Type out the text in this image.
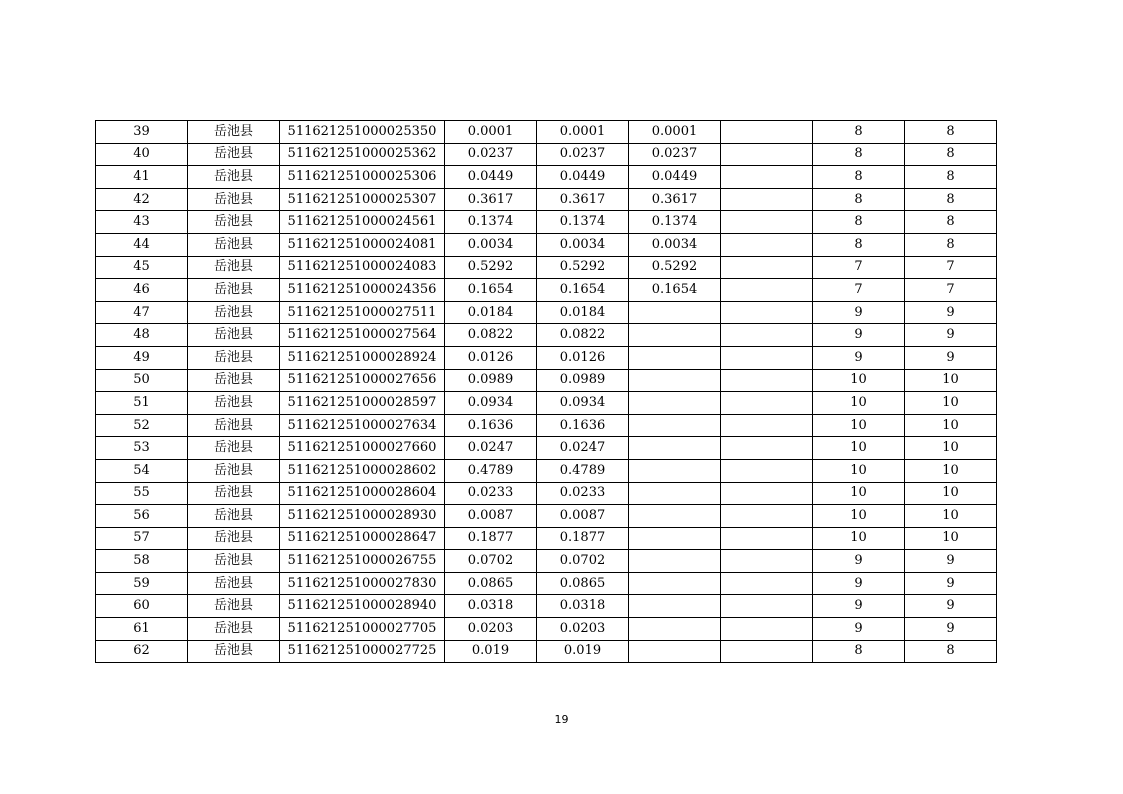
39	岳池县	511621251000025350	0.0001	0.0001	0.0001		8	8
40	岳池县	511621251000025362	0.0237	0.0237	0.0237		8	8
41	岳池县	511621251000025306	0.0449	0.0449	0.0449		8	8
42	岳池县	511621251000025307	0.3617	0.3617	0.3617		8	8
43	岳池县	511621251000024561	0.1374	0.1374	0.1374		8	8
44	岳池县	511621251000024081	0.0034	0.0034	0.0034		8	8
45	岳池县	511621251000024083	0.5292	0.5292	0.5292		7	7
46	岳池县	511621251000024356	0.1654	0.1654	0.1654		7	7
47	岳池县	511621251000027511	0.0184	0.0184			9	9
48	岳池县	511621251000027564	0.0822	0.0822			9	9
49	岳池县	511621251000028924	0.0126	0.0126			9	9
50	岳池县	511621251000027656	0.0989	0.0989			10	10
51	岳池县	511621251000028597	0.0934	0.0934			10	10
52	岳池县	511621251000027634	0.1636	0.1636			10	10
53	岳池县	511621251000027660	0.0247	0.0247			10	10
54	岳池县	511621251000028602	0.4789	0.4789			10	10
55	岳池县	511621251000028604	0.0233	0.0233			10	10
56	岳池县	511621251000028930	0.0087	0.0087			10	10
57	岳池县	511621251000028647	0.1877	0.1877			10	10
58	岳池县	511621251000026755	0.0702	0.0702			9	9
59	岳池县	511621251000027830	0.0865	0.0865			9	9
60	岳池县	511621251000028940	0.0318	0.0318			9	9
61	岳池县	511621251000027705	0.0203	0.0203			9	9
62	岳池县	511621251000027725	0.019	0.019			8	8
19
